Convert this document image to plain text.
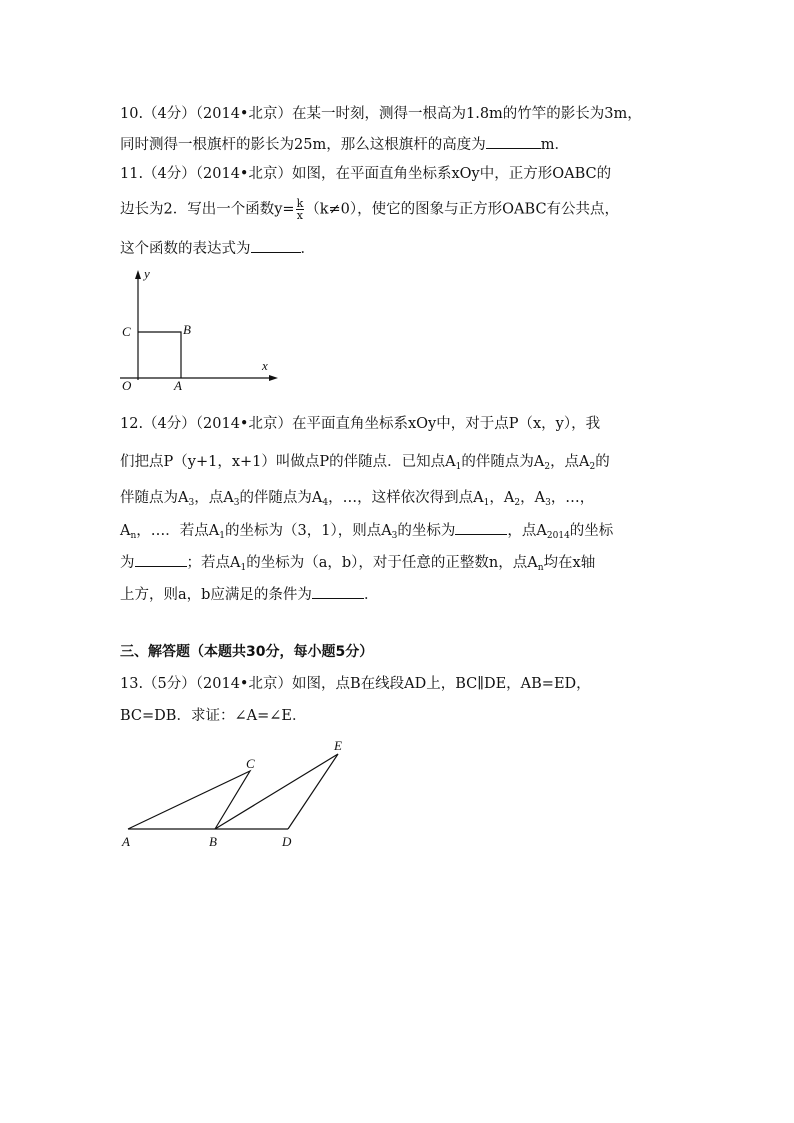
10.（4分）（2014•北京）在某一时刻，测得一根高为1.8m的竹竿的影长为3m，
同时测得一根旗杆的影长为25m，那么这根旗杆的高度为	m．
11.（4分）（2014•北京）如图，在平面直角坐标系xOy中，正方形OABC的
边长为2．写出一个函数$y= \frac{k}{x} (k\ne 0)$，使它的图象与正方形OABC有公共点，
这个函数的表达式为	．
y
x
C	B
O	A
12.（4分）（2014•北京）在平面直角坐标系xOy中，对于点P（x，y），我
们把点P（y+1，x+1）叫做点P的伴随点．已知点$A_1$的伴随点为$A_2$，点$A_2$的
伴随点为$A_3$，点$A_3$的伴随点为$A_4$，…，这样依次得到点$A_1$，$A_2$，$A_3$，…，
$A_n$，…．若点$A_1$的坐标为（3，1），则点$A_3$的坐标为	，点$A_{2014}$的坐标
为	；若点$A_1$的坐标为（a，b），对于任意的正整数n，点$A_n$均在x轴
上方，则a，b应满足的条件为	．
三、解答题（本题共30分，每小题5分）
13.（5分）（2014•北京）如图，点B在线段AD上，BC∥DE，AB=ED，
BC=DB．求证：∠A=∠E．
A	B	D
C
E
